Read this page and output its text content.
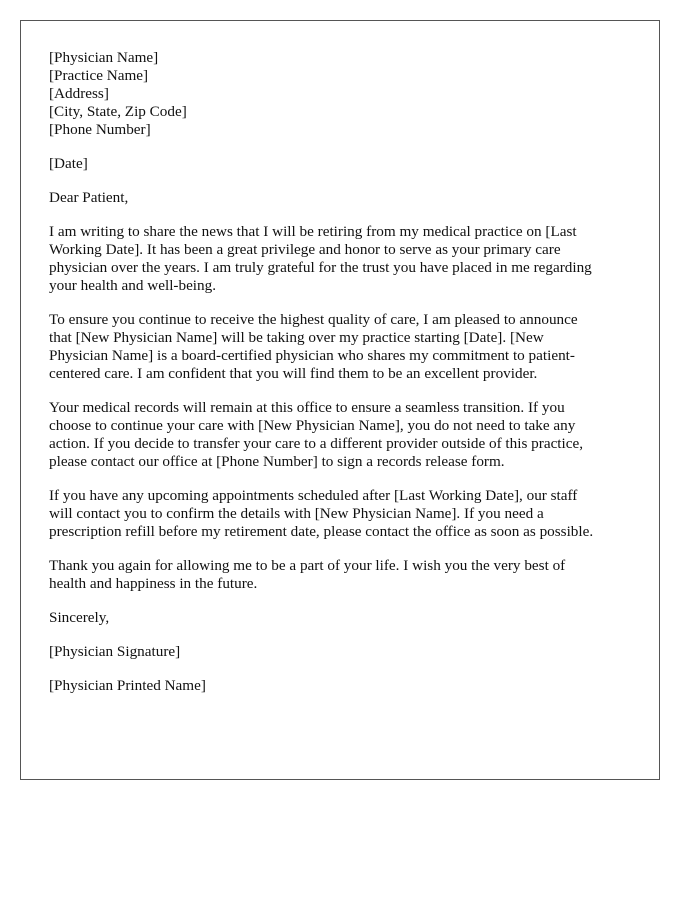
[Physician Name]
[Practice Name]
[Address]
[City, State, Zip Code]
[Phone Number]
[Date]
Dear Patient,
I am writing to share the news that I will be retiring from my medical practice on [Last
Working Date]. It has been a great privilege and honor to serve as your primary care
physician over the years. I am truly grateful for the trust you have placed in me regarding
your health and well-being.
To ensure you continue to receive the highest quality of care, I am pleased to announce
that [New Physician Name] will be taking over my practice starting [Date]. [New
Physician Name] is a board-certified physician who shares my commitment to patient-
centered care. I am confident that you will find them to be an excellent provider.
Your medical records will remain at this office to ensure a seamless transition. If you
choose to continue your care with [New Physician Name], you do not need to take any
action. If you decide to transfer your care to a different provider outside of this practice,
please contact our office at [Phone Number] to sign a records release form.
If you have any upcoming appointments scheduled after [Last Working Date], our staff
will contact you to confirm the details with [New Physician Name]. If you need a
prescription refill before my retirement date, please contact the office as soon as possible.
Thank you again for allowing me to be a part of your life. I wish you the very best of
health and happiness in the future.
Sincerely,
[Physician Signature]
[Physician Printed Name]
